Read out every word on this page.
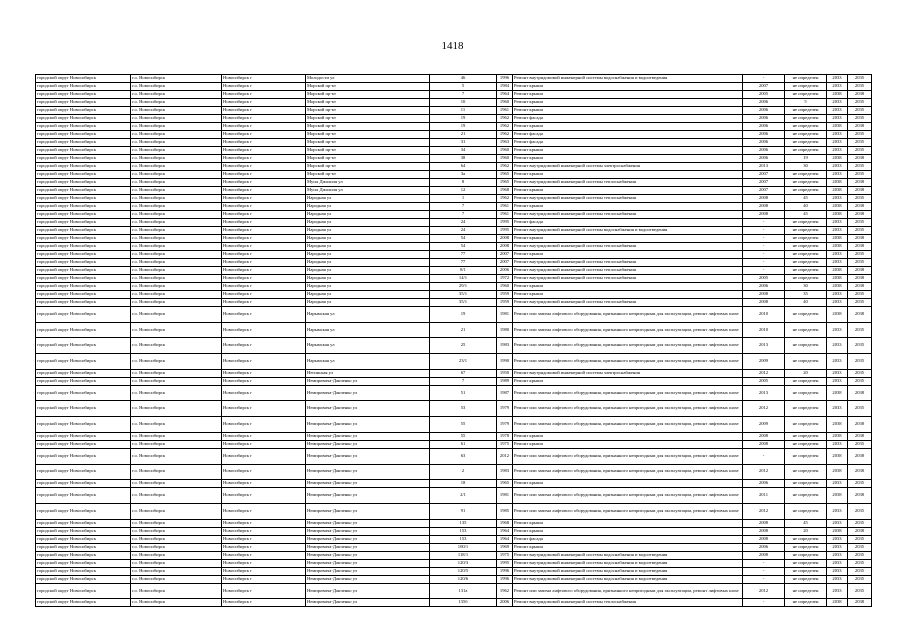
1418
городской округ Новосибирск	г.о. Новосибирск	Новосибирск г	Молодости ул	46	1996	Ремонт внутридомовой инженерной системы водоснабжения и водоотведения	-	не определен	2033	2035
городской округ Новосибирск	г.о. Новосибирск	Новосибирск г	Морской пр-кт	5	1984	Ремонт крыши	2007	не определен	2033	2035
городской округ Новосибирск	г.о. Новосибирск	Новосибирск г	Морской пр-кт	7	1964	Ремонт крыши	2005	не определен	2038	2038
городской округ Новосибирск	г.о. Новосибирск	Новосибирск г	Морской пр-кт	10	1960	Ремонт крыши	2006	5	2033	2035
городской округ Новосибирск	г.о. Новосибирск	Новосибирск г	Морской пр-кт	11	1961	Ремонт крыши	2006	не определен	2033	2035
городской округ Новосибирск	г.о. Новосибирск	Новосибирск г	Морской пр-кт	19	1962	Ремонт фасада	2006	не определен	2033	2035
городской округ Новосибирск	г.о. Новосибирск	Новосибирск г	Морской пр-кт	19	1962	Ремонт крыши	2006	не определен	2038	2038
городской округ Новосибирск	г.о. Новосибирск	Новосибирск г	Морской пр-кт	21	1962	Ремонт фасада	2006	не определен	2033	2035
городской округ Новосибирск	г.о. Новосибирск	Новосибирск г	Морской пр-кт	31	1963	Ремонт фасада	2006	не определен	2033	2035
городской округ Новосибирск	г.о. Новосибирск	Новосибирск г	Морской пр-кт	34	1960	Ремонт крыши	2006	не определен	2033	2035
городской округ Новосибирск	г.о. Новосибирск	Новосибирск г	Морской пр-кт	38	1960	Ремонт крыши	2006	19	2038	2038
городской округ Новосибирск	г.о. Новосибирск	Новосибирск г	Морской пр-кт	64	1962	Ремонт внутридомовой инженерной системы электроснабжения	2013	30	2033	2035
городской округ Новосибирск	г.о. Новосибирск	Новосибирск г	Морской пр-кт	3а	1965	Ремонт крыши	2007	не определен	2033	2035
городской округ Новосибирск	г.о. Новосибирск	Новосибирск г	Мусы Джалиля ул	8	1965	Ремонт внутридомовой инженерной системы теплоснабжения	2007	не определен	2038	2038
городской округ Новосибирск	г.о. Новосибирск	Новосибирск г	Мусы Джалиля ул	12	1968	Ремонт крыши	2007	не определен	2038	2038
городской округ Новосибирск	г.о. Новосибирск	Новосибирск г	Народная ул	1	1962	Ремонт внутридомовой инженерной системы теплоснабжения	2008	45	2033	2035
городской округ Новосибирск	г.о. Новосибирск	Новосибирск г	Народная ул	7	1961	Ремонт крыши	2008	40	2038	2038
городской округ Новосибирск	г.о. Новосибирск	Новосибирск г	Народная ул	7	1961	Ремонт внутридомовой инженерной системы теплоснабжения	2008	45	2038	2038
городской округ Новосибирск	г.о. Новосибирск	Новосибирск г	Народная ул	24	1995	Ремонт фасада	-	не определен	2033	2035
городской округ Новосибирск	г.о. Новосибирск	Новосибирск г	Народная ул	24	1995	Ремонт внутридомовой инженерной системы водоснабжения и водоотведения	-	не определен	2033	2035
городской округ Новосибирск	г.о. Новосибирск	Новосибирск г	Народная ул	54	2008	Ремонт крыши	-	не определен	2038	2038
городской округ Новосибирск	г.о. Новосибирск	Новосибирск г	Народная ул	54	2008	Ремонт внутридомовой инженерной системы теплоснабжения	-	не определен	2038	2038
городской округ Новосибирск	г.о. Новосибирск	Новосибирск г	Народная ул	77	2007	Ремонт крыши	-	не определен	2033	2035
городской округ Новосибирск	г.о. Новосибирск	Новосибирск г	Народная ул	77	2007	Ремонт внутридомовой инженерной системы теплоснабжения	-	не определен	2033	2035
городской округ Новосибирск	г.о. Новосибирск	Новосибирск г	Народная ул	8/1	2006	Ремонт внутридомовой инженерной системы теплоснабжения	-	не определен	2038	2038
городской округ Новосибирск	г.о. Новосибирск	Новосибирск г	Народная ул	14/1	1972	Ремонт внутридомовой инженерной системы теплоснабжения	2005	не определен	2038	2038
городской округ Новосибирск	г.о. Новосибирск	Новосибирск г	Народная ул	29/1	1960	Ремонт крыши	2006	30	2038	2038
городской округ Новосибирск	г.о. Новосибирск	Новосибирск г	Народная ул	35/1	1959	Ремонт крыши	2008	35	2033	2035
городской округ Новосибирск	г.о. Новосибирск	Новосибирск г	Народная ул	35/1	1959	Ремонт внутридомовой инженерной системы теплоснабжения	2008	40	2033	2035
городской округ Новосибирск	г.о. Новосибирск	Новосибирск г	Нарымская ул	19	1981	Ремонт или замена лифтового оборудования, признанного непригодным для эксплуатации, ремонт лифтовых шахт	2010	не определен	2038	2038
городской округ Новосибирск	г.о. Новосибирск	Новосибирск г	Нарымская ул	21	1980	Ремонт или замена лифтового оборудования, признанного непригодным для эксплуатации, ремонт лифтовых шахт	2010	не определен	2033	2035
городской округ Новосибирск	г.о. Новосибирск	Новосибирск г	Нарымская ул	25	1983	Ремонт или замена лифтового оборудования, признанного непригодным для эксплуатации, ремонт лифтовых шахт	2013	не определен	2033	2035
городской округ Новосибирск	г.о. Новосибирск	Новосибирск г	Нарымская ул	23/1	1990	Ремонт или замена лифтового оборудования, признанного непригодным для эксплуатации, ремонт лифтовых шахт	2009	не определен	2033	2035
городской округ Новосибирск	г.о. Новосибирск	Новосибирск г	Негинская ул	67	1950	Ремонт внутридомовой инженерной системы электроснабжения	2012	20	2033	2035
городской округ Новосибирск	г.о. Новосибирск	Новосибирск г	Немировича-Данченко ул	7	1989	Ремонт крыши	2005	не определен	2033	2035
городской округ Новосибирск	г.о. Новосибирск	Новосибирск г	Немировича-Данченко ул	51	1987	Ремонт или замена лифтового оборудования, признанного непригодным для эксплуатации, ремонт лифтовых шахт	2013	не определен	2038	2038
городской округ Новосибирск	г.о. Новосибирск	Новосибирск г	Немировича-Данченко ул	53	1979	Ремонт или замена лифтового оборудования, признанного непригодным для эксплуатации, ремонт лифтовых шахт	2012	не определен	2033	2035
городской округ Новосибирск	г.о. Новосибирск	Новосибирск г	Немировича-Данченко ул	55	1979	Ремонт или замена лифтового оборудования, признанного непригодным для эксплуатации, ремонт лифтовых шахт	2009	не определен	2038	2038
городской округ Новосибирск	г.о. Новосибирск	Новосибирск г	Немировича-Данченко ул	55	1978	Ремонт крыши	2008	не определен	2038	2038
городской округ Новосибирск	г.о. Новосибирск	Новосибирск г	Немировича-Данченко ул	61	1975	Ремонт крыши	2008	не определен	2033	2035
городской округ Новосибирск	г.о. Новосибирск	Новосибирск г	Немировича-Данченко ул	63	2012	Ремонт или замена лифтового оборудования, признанного непригодным для эксплуатации, ремонт лифтовых шахт	-	не определен	2038	2038
городской округ Новосибирск	г.о. Новосибирск	Новосибирск г	Немировича-Данченко ул	2	1983	Ремонт или замена лифтового оборудования, признанного непригодным для эксплуатации, ремонт лифтовых шахт	2012	не определен	2038	2038
городской округ Новосибирск	г.о. Новосибирск	Новосибирск г	Немировича-Данченко ул	18	1965	Ремонт крыши	2006	не определен	2033	2035
городской округ Новосибирск	г.о. Новосибирск	Новосибирск г	Немировича-Данченко ул	2/1	1981	Ремонт или замена лифтового оборудования, признанного непригодным для эксплуатации, ремонт лифтовых шахт	2011	не определен	2038	2038
городской округ Новосибирск	г.о. Новосибирск	Новосибирск г	Немировича-Данченко ул	91	1985	Ремонт или замена лифтового оборудования, признанного непригодным для эксплуатации, ремонт лифтовых шахт	2012	не определен	2033	2035
городской округ Новосибирск	г.о. Новосибирск	Новосибирск г	Немировича-Данченко ул	135	1968	Ремонт крыши	2008	45	2033	2035
городской округ Новосибирск	г.о. Новосибирск	Новосибирск г	Немировича-Данченко ул	153	1964	Ремонт крыши	2008	20	2038	2038
городской округ Новосибирск	г.о. Новосибирск	Новосибирск г	Немировича-Данченко ул	153	1964	Ремонт фасада	2008	не определен	2033	2035
городской округ Новосибирск	г.о. Новосибирск	Новосибирск г	Немировича-Данченко ул	100/1	1969	Ремонт крыши	2006	не определен	2033	2035
городской округ Новосибирск	г.о. Новосибирск	Новосибирск г	Немировича-Данченко ул	118/1	1975	Ремонт внутридомовой инженерной системы водоснабжения и водоотведения	2008	не определен	2033	2035
городской округ Новосибирск	г.о. Новосибирск	Новосибирск г	Немировича-Данченко ул	120/3	1995	Ремонт внутридомовой инженерной системы водоснабжения и водоотведения	-	не определен	2033	2035
городской округ Новосибирск	г.о. Новосибирск	Новосибирск г	Немировича-Данченко ул	120/5	1996	Ремонт внутридомовой инженерной системы водоснабжения и водоотведения	-	не определен	2033	2035
городской округ Новосибирск	г.о. Новосибирск	Новосибирск г	Немировича-Данченко ул	120/6	1996	Ремонт внутридомовой инженерной системы водоснабжения и водоотведения	-	не определен	2033	2035
городской округ Новосибирск	г.о. Новосибирск	Новосибирск г	Немировича-Данченко ул	131а	1962	Ремонт или замена лифтового оборудования, признанного непригодным для эксплуатации, ремонт лифтовых шахт	2012	не определен	2033	2035
городской округ Новосибирск	г.о. Новосибирск	Новосибирск г	Немировича-Данченко ул	135б	2006	Ремонт внутридомовой инженерной системы теплоснабжения	-	не определен	2038	2038
